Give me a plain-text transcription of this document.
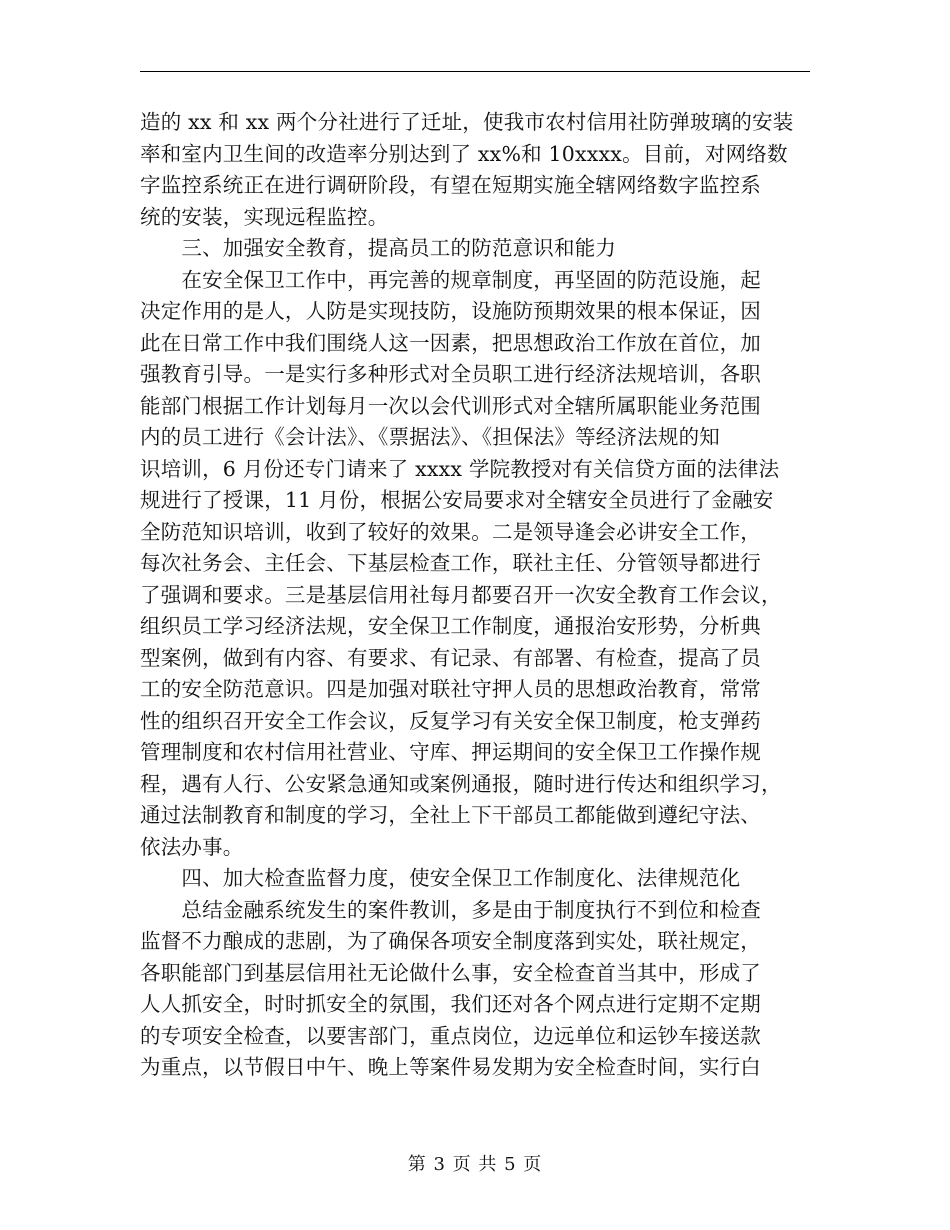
造的 xx 和 xx 两个分社进行了迁址，使我市农村信用社防弹玻璃的安装
率和室内卫生间的改造率分别达到了 xx%和 10xxxx。目前，对网络数
字监控系统正在进行调研阶段，有望在短期实施全辖网络数字监控系
统的安装，实现远程监控。
　　三、加强安全教育，提高员工的防范意识和能力
　　在安全保卫工作中，再完善的规章制度，再坚固的防范设施，起
决定作用的是人，人防是实现技防，设施防预期效果的根本保证，因
此在日常工作中我们围绕人这一因素，把思想政治工作放在首位，加
强教育引导。一是实行多种形式对全员职工进行经济法规培训，各职
能部门根据工作计划每月一次以会代训形式对全辖所属职能业务范围
内的员工进行《会计法》、《票据法》、《担保法》等经济法规的知
识培训，6 月份还专门请来了 xxxx 学院教授对有关信贷方面的法律法
规进行了授课，11 月份，根据公安局要求对全辖安全员进行了金融安
全防范知识培训，收到了较好的效果。二是领导逢会必讲安全工作，
每次社务会、主任会、下基层检查工作，联社主任、分管领导都进行
了强调和要求。三是基层信用社每月都要召开一次安全教育工作会议，
组织员工学习经济法规，安全保卫工作制度，通报治安形势，分析典
型案例，做到有内容、有要求、有记录、有部署、有检查，提高了员
工的安全防范意识。四是加强对联社守押人员的思想政治教育，常常
性的组织召开安全工作会议，反复学习有关安全保卫制度，枪支弹药
管理制度和农村信用社营业、守库、押运期间的安全保卫工作操作规
程，遇有人行、公安紧急通知或案例通报，随时进行传达和组织学习，
通过法制教育和制度的学习，全社上下干部员工都能做到遵纪守法、
依法办事。
　　四、加大检查监督力度，使安全保卫工作制度化、法律规范化
　　总结金融系统发生的案件教训，多是由于制度执行不到位和检查
监督不力酿成的悲剧，为了确保各项安全制度落到实处，联社规定，
各职能部门到基层信用社无论做什么事，安全检查首当其中，形成了
人人抓安全，时时抓安全的氛围，我们还对各个网点进行定期不定期
的专项安全检查，以要害部门，重点岗位，边远单位和运钞车接送款
为重点，以节假日中午、晚上等案件易发期为安全检查时间，实行白
第 3 页 共 5 页
